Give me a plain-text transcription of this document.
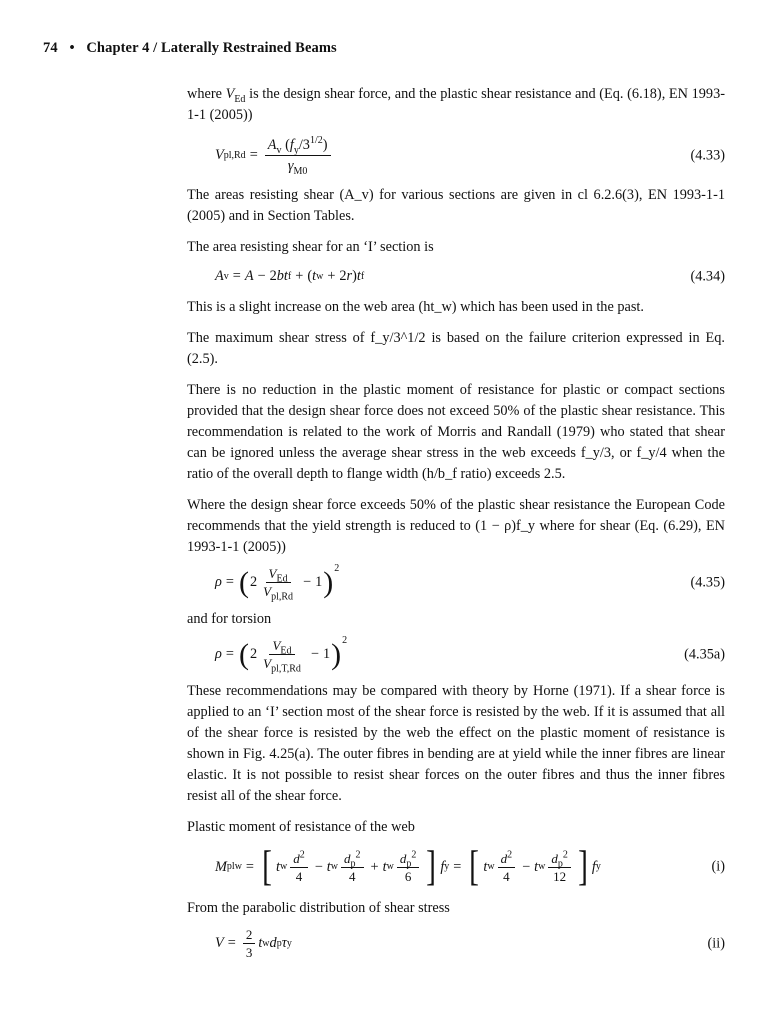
74 • Chapter 4 / Laterally Restrained Beams

where $V_{Ed}$ is the design shear force, and the plastic shear resistance and (Eq. (6.18), EN 1993-1-1 (2005))

V $pl,Rd = \frac{A_v (f_y/3^{1/2})}{\gamma_{M0}}$	(4.33)

The areas resisting shear (A_v) for various sections are given in cl 6.2.6(3), EN 1993-1-1 (2005) and in Section Tables.

The area resisting shear for an ‘I’ section is

A v = A − 2 bt f + ( t w + 2 r ) t f	(4.34)

This is a slight increase on the web area (ht_w) which has been used in the past.

The maximum shear stress of f_y/3^1/2 is based on the failure criterion expressed in Eq. (2.5).

There is no reduction in the plastic moment of resistance for plastic or compact sections provided that the design shear force does not exceed 50% of the plastic shear resistance. This recommendation is related to the work of Morris and Randall (1979) who stated that shear can be ignored unless the average shear stress in the web exceeds f_y/3, or f_y/4 when the ratio of the overall depth to flange width (h/b_f ratio) exceeds 2.5.

Where the design shear force exceeds 50% of the plastic shear resistance the European Code recommends that the yield strength is reduced to (1 − ρ)f_y where for shear (Eq. (6.29), EN 1993-1-1 (2005))

ρ = ( $2 \frac{V_{Ed}}{V_{pl,Rd}} - 1$ ) 2
(4.35)

and for torsion

ρ = ( $2 \frac{V_{Ed}}{V_{pl,T,Rd}} - 1$ ) 2
(4.35a)

These recommendations may be compared with theory by Horne (1971). If a shear force is applied to an ‘I’ section most of the shear force is resisted by the web. If it is assumed that all of the shear force is resisted by the web the effect on the plastic moment of resistance is shown in Fig. 4.25(a). The outer fibres in bending are at yield while the inner fibres are linear elastic. It is not possible to resist shear forces on the outer fibres and thus the inner fibres resist all of the shear force.

Plastic moment of resistance of the web

M plw = [ t w $\frac{d^2}{4} - t$ w $\frac{d_p^2}{4} + t$ w $\frac{d_p^2}{6}$ ] f y = [ t w $\frac{d^2}{4} - t$ w $\frac{d_p^2}{12}$ ] f y	(i)

From the parabolic distribution of shear stress

$V = \frac{2}{3}$ t w d p τ y	(ii)
